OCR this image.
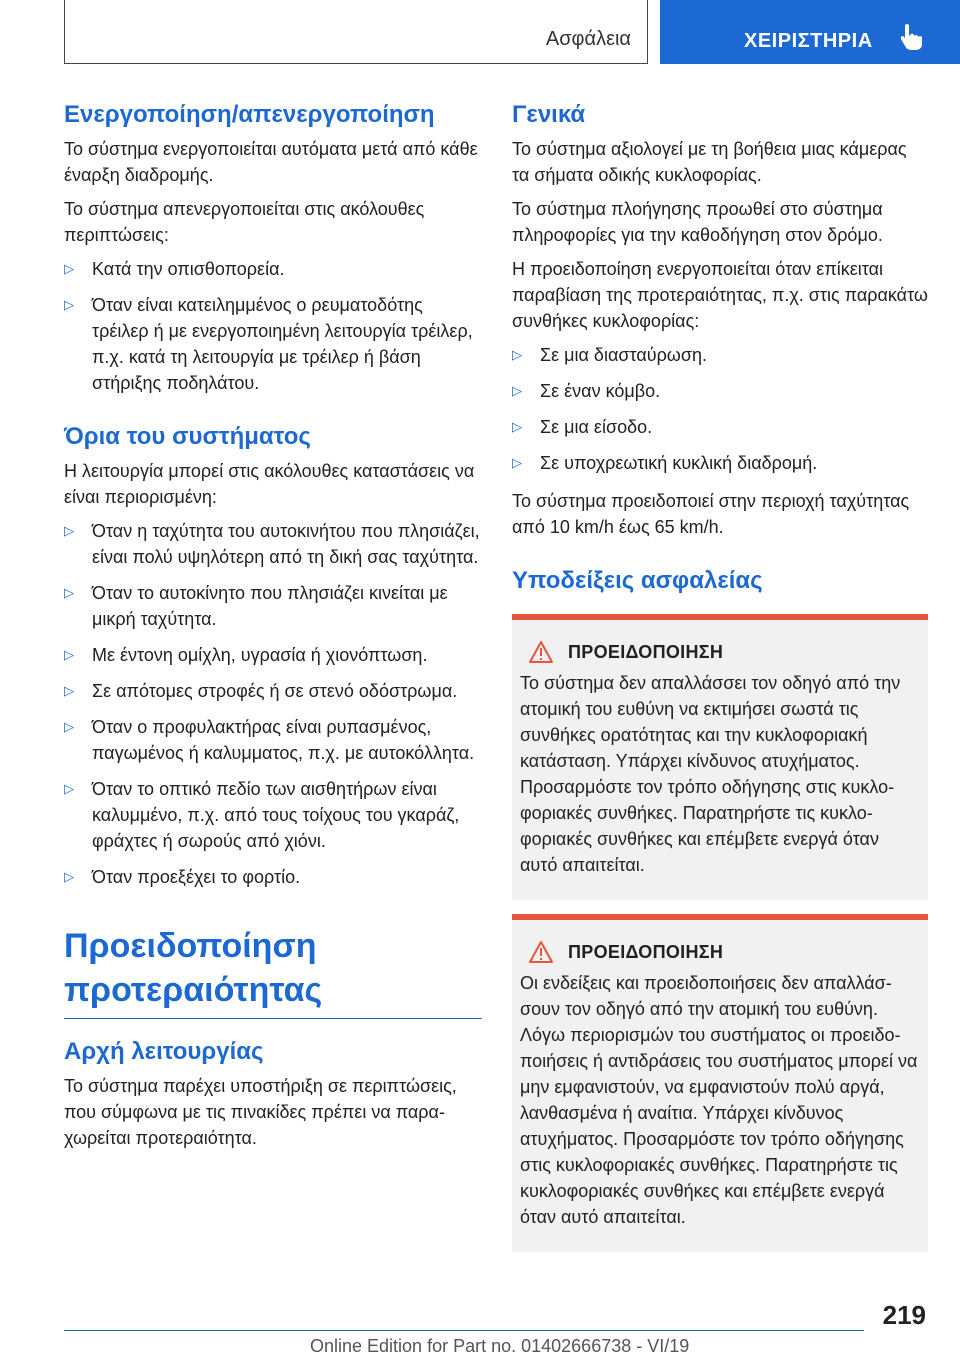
Ασφάλεια	ΧΕΙΡΙΣΤΗΡΙΑ
Ενεργοποίηση/απενεργοποίηση

Το σύστημα ενεργοποιείται αυτόματα μετά από κάθε έναρξη διαδρομής.

Το σύστημα απενεργοποιείται στις ακόλουθες περιπτώσεις:

▷ Κατά την οπισθοπορεία.
▷ Όταν είναι κατειλημμένος ο ρευματοδότης τρέιλερ ή με ενεργοποιημένη λειτουργία τρέιλερ, π.χ. κατά τη λειτουργία με τρέιλερ ή βάση στήριξης ποδηλάτου.
Όρια του συστήματος

Η λειτουργία μπορεί στις ακόλουθες καταστάσεις να είναι περιορισμένη:

▷ Όταν η ταχύτητα του αυτοκινήτου που πλησιάζει, είναι πολύ υψηλότερη από τη δική σας ταχύτητα.
▷ Όταν το αυτοκίνητο που πλησιάζει κινείται με μικρή ταχύτητα.
▷ Με έντονη ομίχλη, υγρασία ή χιονόπτωση.
▷ Σε απότομες στροφές ή σε στενό οδόστρωμα.
▷ Όταν ο προφυλακτήρας είναι ρυπασμένος, παγωμένος ή καλυμματος, π.χ. με αυτοκόλλητα.
▷ Όταν το οπτικό πεδίο των αισθητήρων είναι καλυμμένο, π.χ. από τους τοίχους του γκαράζ, φράχτες ή σωρούς από χιόνι.
▷ Όταν προεξέχει το φορτίο.
Προειδοποίηση
προτεραιότητας
Αρχή λειτουργίας

Το σύστημα παρέχει υποστήριξη σε περιπτώσεις, που σύμφωνα με τις πινακίδες πρέπει να παραχωρείται προτεραιότητα.

Γενικά

Το σύστημα αξιολογεί με τη βοήθεια μιας κάμερας τα σήματα οδικής κυκλοφορίας.

Το σύστημα πλοήγησης προωθεί στο σύστημα πληροφορίες για την καθοδήγηση στον δρόμο.

Η προειδοποίηση ενεργοποιείται όταν επίκειται παραβίαση της προτεραιότητας, π.χ. στις παρακάτω συνθήκες κυκλοφορίας:

▷ Σε μια διασταύρωση.
▷ Σε έναν κόμβο.
▷ Σε μια είσοδο.
▷ Σε υποχρεωτική κυκλική διαδρομή.

Το σύστημα προειδοποιεί στην περιοχή ταχύτητας από 10 km/h έως 65 km/h.

Υποδείξεις ασφαλείας
ΠΡΟΕΙΔΟΠΟΙΗΣΗ

Το σύστημα δεν απαλλάσσει τον οδηγό από την ατομική του ευθύνη να εκτιμήσει σωστά τις συνθήκες ορατότητας και την κυκλοφοριακή κατάσταση. Υπάρχει κίνδυνος ατυχήματος. Προσαρμόστε τον τρόπο οδήγησης στις κυκλοφοριακές συνθήκες. Παρατηρήστε τις κυκλοφοριακές συνθήκες και επέμβετε ενεργά όταν αυτό απαιτείται.

ΠΡΟΕΙΔΟΠΟΙΗΣΗ

Οι ενδείξεις και προειδοποιήσεις δεν απαλλάσσουν τον οδηγό από την ατομική του ευθύνη. Λόγω περιορισμών του συστήματος οι προειδοποιήσεις ή αντιδράσεις του συστήματος μπορεί να μην εμφανιστούν, να εμφανιστούν πολύ αργά, λανθασμένα ή αναίτια. Υπάρχει κίνδυνος ατυχήματος. Προσαρμόστε τον τρόπο οδήγησης στις κυκλοφοριακές συνθήκες. Παρατηρήστε τις κυκλοφοριακές συνθήκες και επέμβετε ενεργά όταν αυτό απαιτείται.

219
Online Edition for Part no. 01402666738 - VI/19
